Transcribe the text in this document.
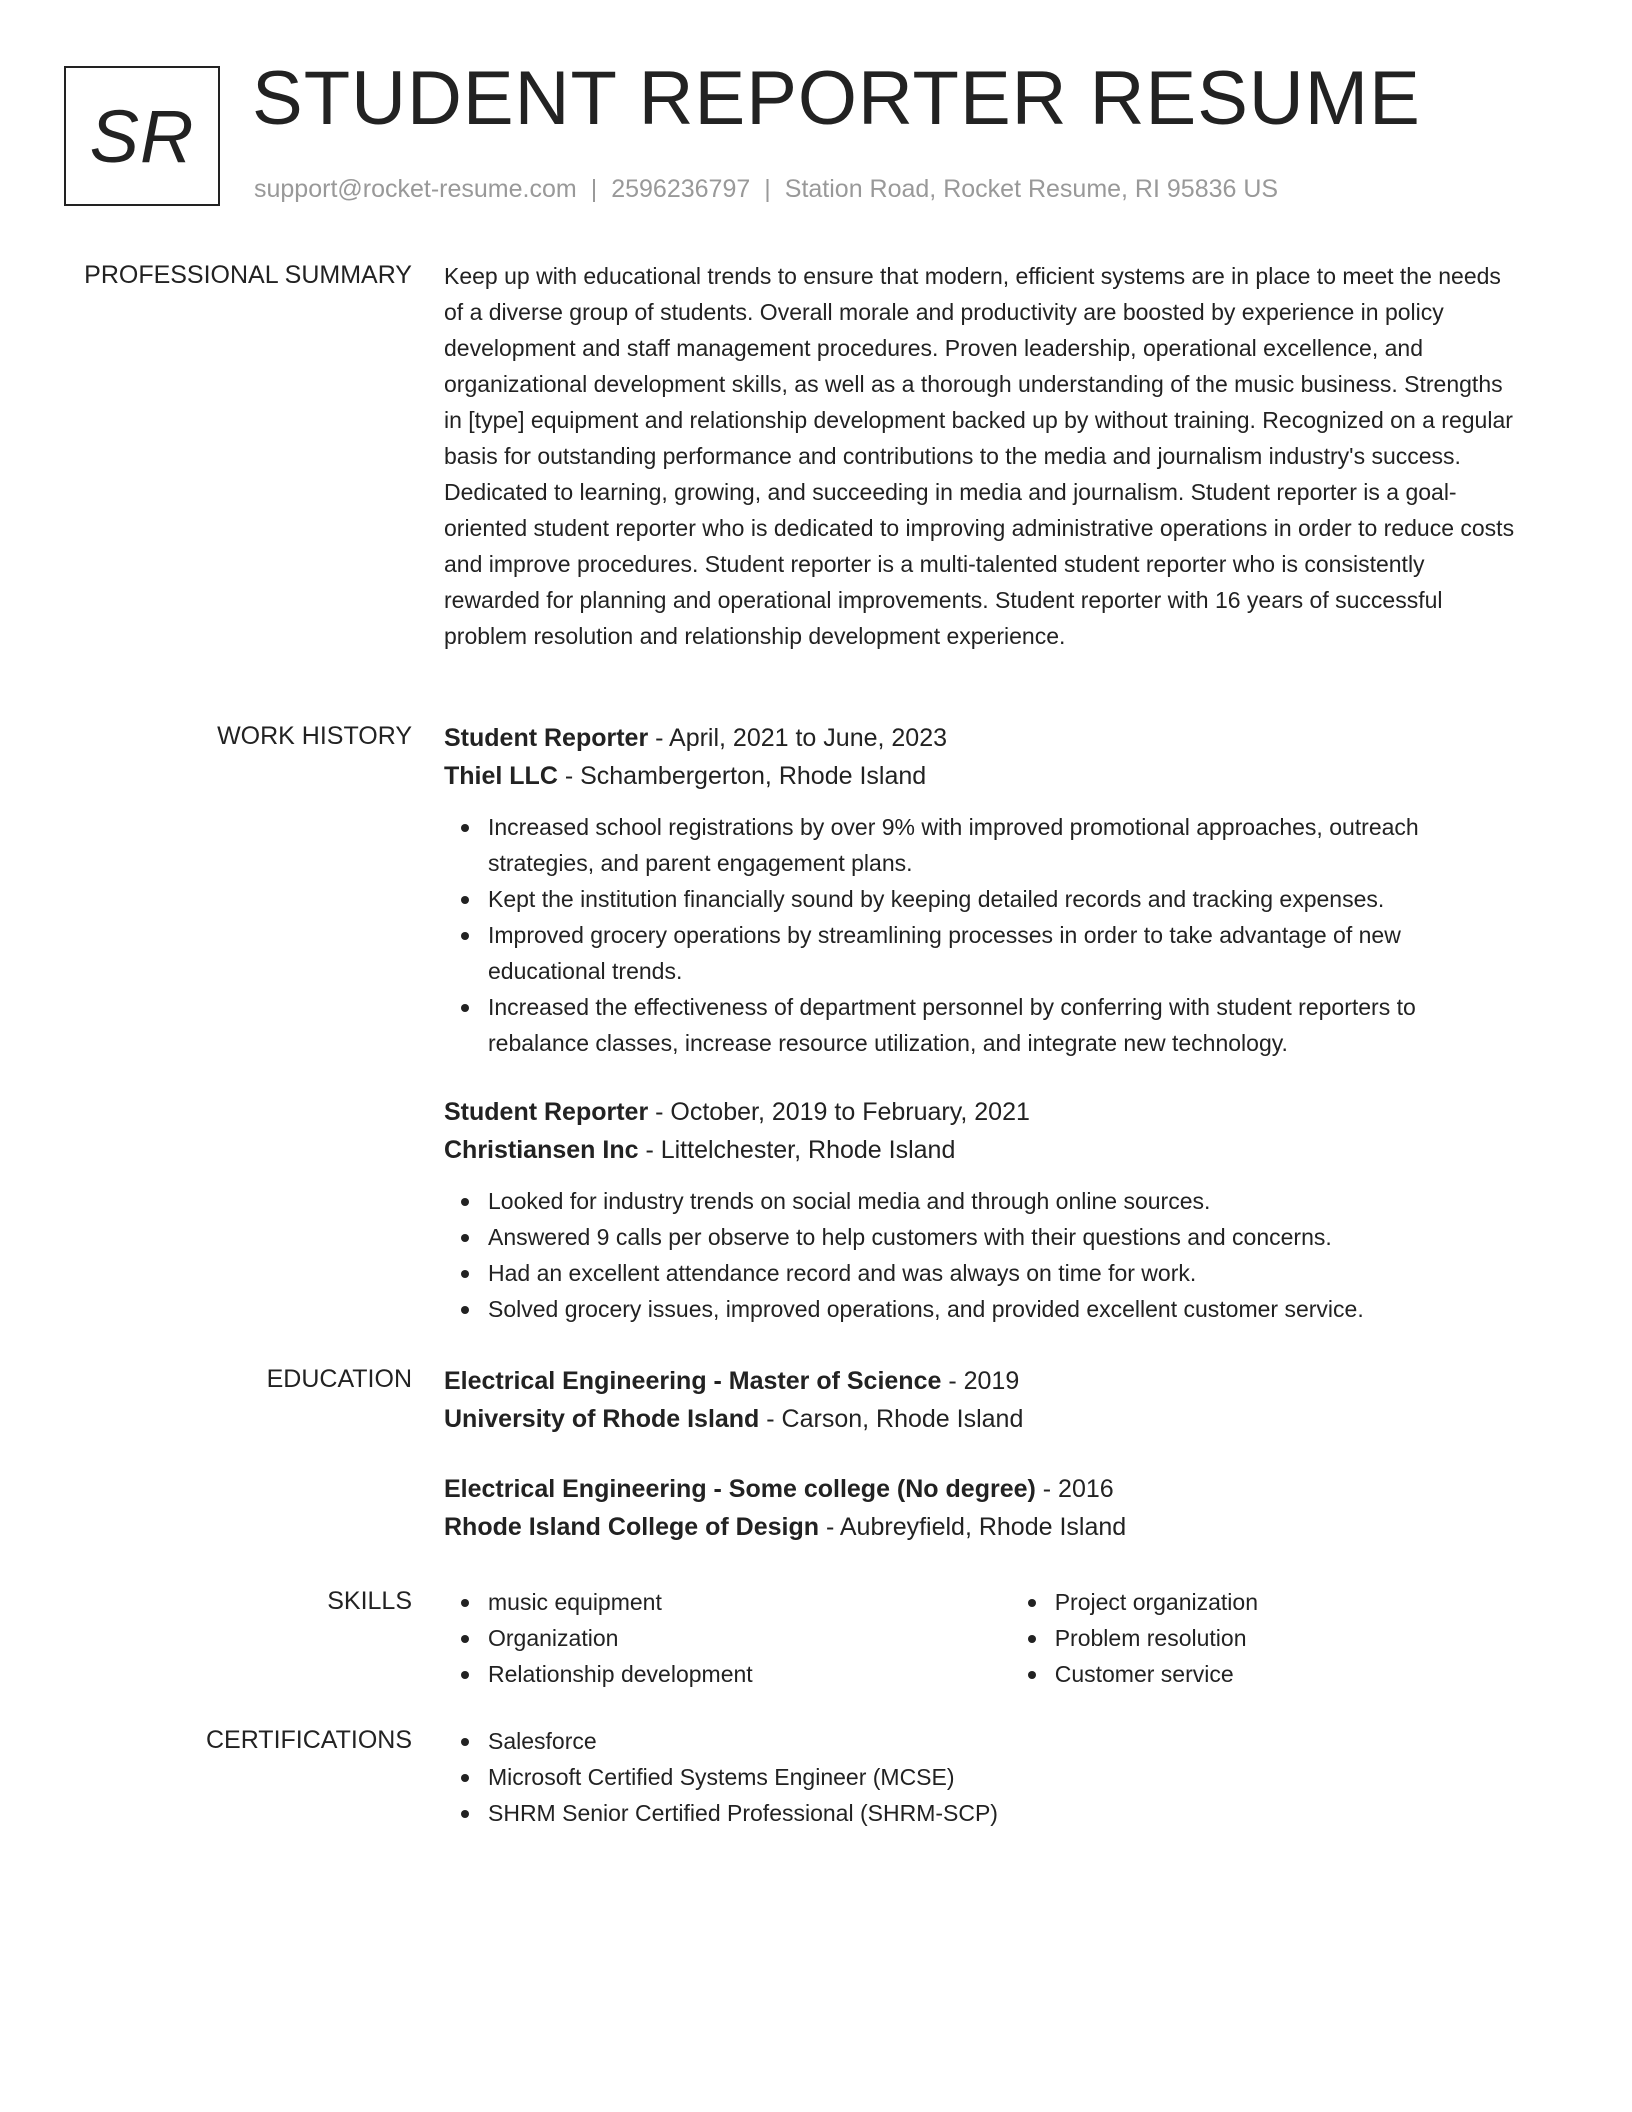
SR STUDENT REPORTER RESUME
support@rocket-resume.com | 2596236797 | Station Road, Rocket Resume, RI 95836 US
PROFESSIONAL SUMMARY Keep up with educational trends to ensure that modern, efficient systems are in place to meet the needs of a diverse group of students. Overall morale and productivity are boosted by experience in policy development and staff management procedures. Proven leadership, operational excellence, and organizational development skills, as well as a thorough understanding of the music business. Strengths in [type] equipment and relationship development backed up by without training. Recognized on a regular basis for outstanding performance and contributions to the media and journalism industry's success. Dedicated to learning, growing, and succeeding in media and journalism. Student reporter is a goal-oriented student reporter who is dedicated to improving administrative operations in order to reduce costs and improve procedures. Student reporter is a multi-talented student reporter who is consistently rewarded for planning and operational improvements. Student reporter with 16 years of successful problem resolution and relationship development experience.

WORK HISTORY Student Reporter - April, 2021 to June, 2023

Thiel LLC - Schambergerton, Rhode Island

Increased school registrations by over 9% with improved promotional approaches, outreach strategies, and parent engagement plans.
Kept the institution financially sound by keeping detailed records and tracking expenses.
Improved grocery operations by streamlining processes in order to take advantage of new educational trends.
Increased the effectiveness of department personnel by conferring with student reporters to rebalance classes, increase resource utilization, and integrate new technology.

Student Reporter - October, 2019 to February, 2021

Christiansen Inc - Littelchester, Rhode Island

Looked for industry trends on social media and through online sources.
Answered 9 calls per observe to help customers with their questions and concerns.
Had an excellent attendance record and was always on time for work.
Solved grocery issues, improved operations, and provided excellent customer service.
EDUCATION Electrical Engineering - Master of Science - 2019

University of Rhode Island - Carson, Rhode Island

Electrical Engineering - Some college (No degree) - 2016

Rhode Island College of Design - Aubreyfield, Rhode Island

SKILLS	music equipment
Organization
Relationship development
Project organization
Problem resolution
Customer service
CERTIFICATIONS	Salesforce
Microsoft Certified Systems Engineer (MCSE)
SHRM Senior Certified Professional (SHRM-SCP)
